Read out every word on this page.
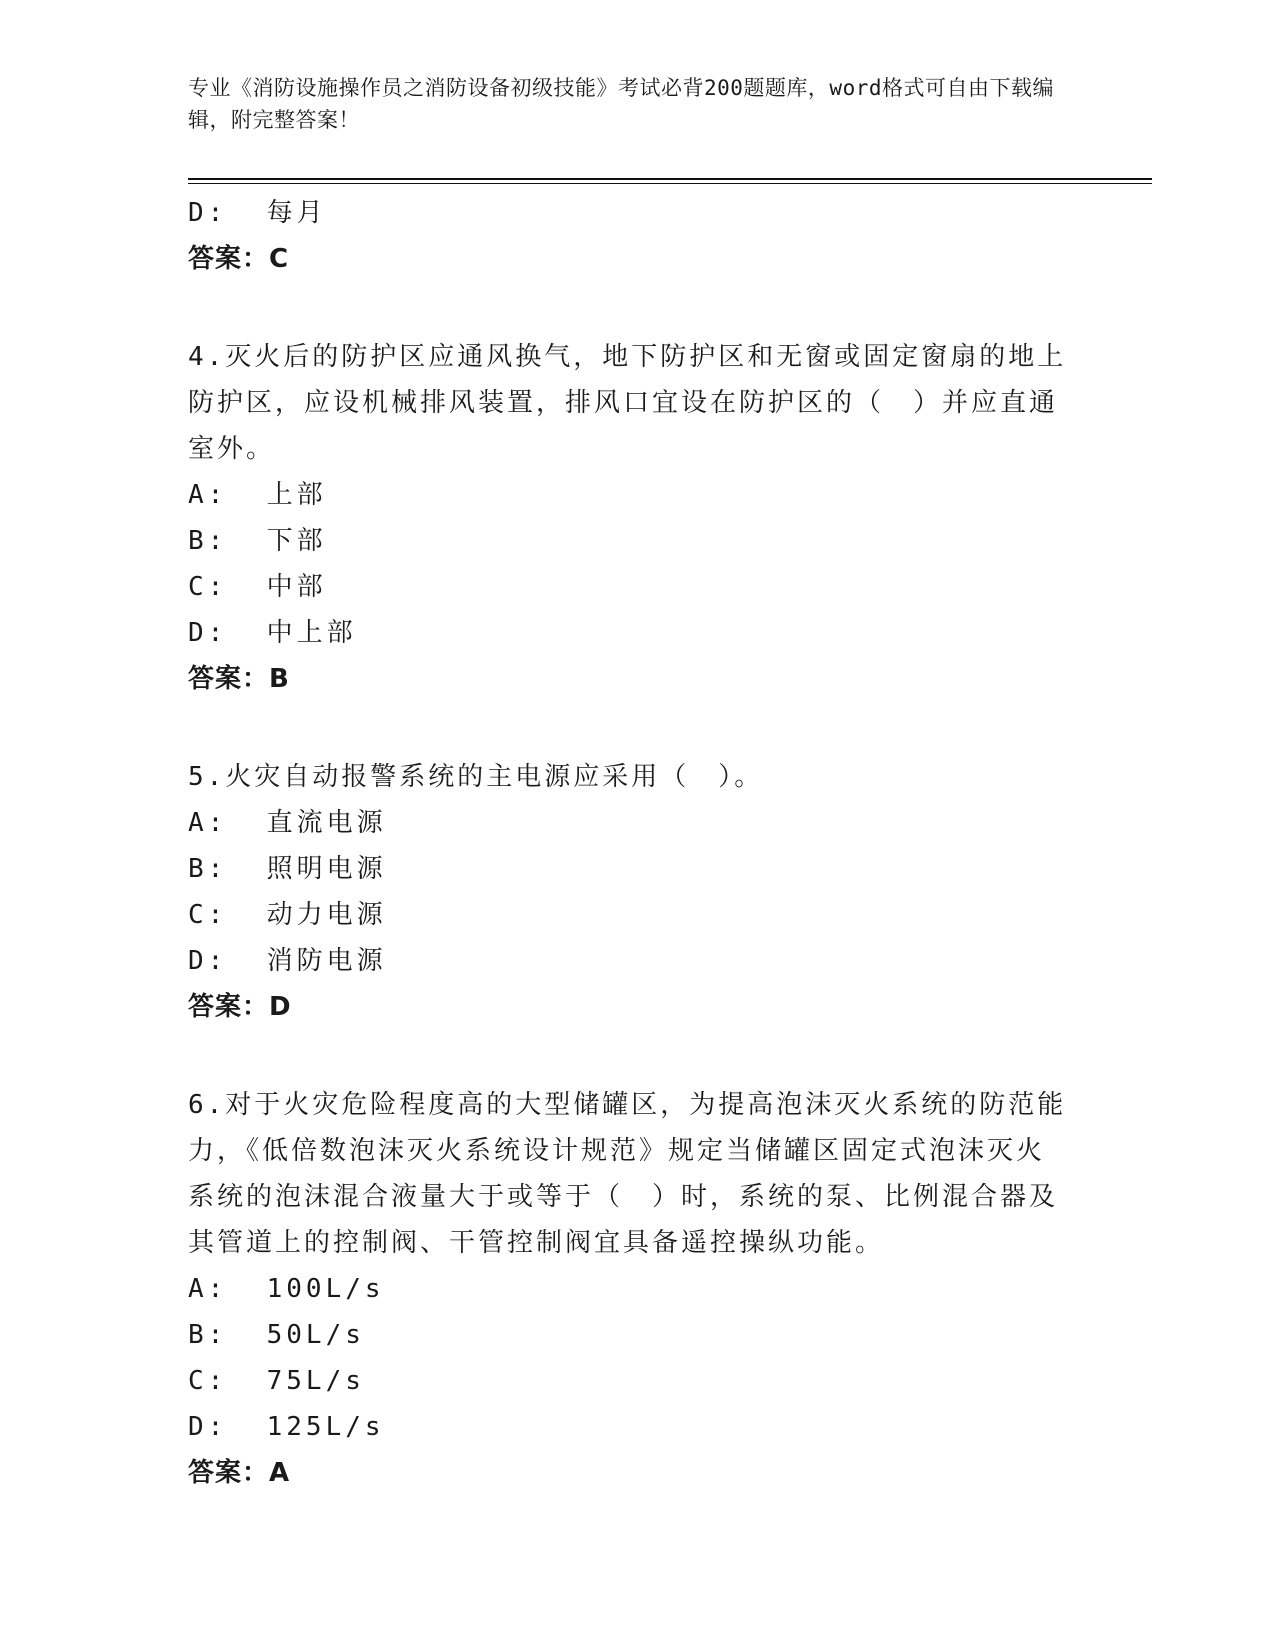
专业《消防设施操作员之消防设备初级技能》考试必背200题题库，word格式可自由下载编辑，附完整答案！
D:  每月
答案：C
4.灭火后的防护区应通风换气，地下防护区和无窗或固定窗扇的地上防护区，应设机械排风装置，排风口宜设在防护区的（　）并应直通室外。
A:  上部
B:  下部
C:  中部
D:  中上部
答案：B
5.火灾自动报警系统的主电源应采用（　）。
A:  直流电源
B:  照明电源
C:  动力电源
D:  消防电源
答案：D
6.对于火灾危险程度高的大型储罐区，为提高泡沫灭火系统的防范能力，《低倍数泡沫灭火系统设计规范》规定当储罐区固定式泡沫灭火系统的泡沫混合液量大于或等于（　）时，系统的泵、比例混合器及其管道上的控制阀、干管控制阀宜具备遥控操纵功能。
A:  100L/s
B:  50L/s
C:  75L/s
D:  125L/s
答案：A
